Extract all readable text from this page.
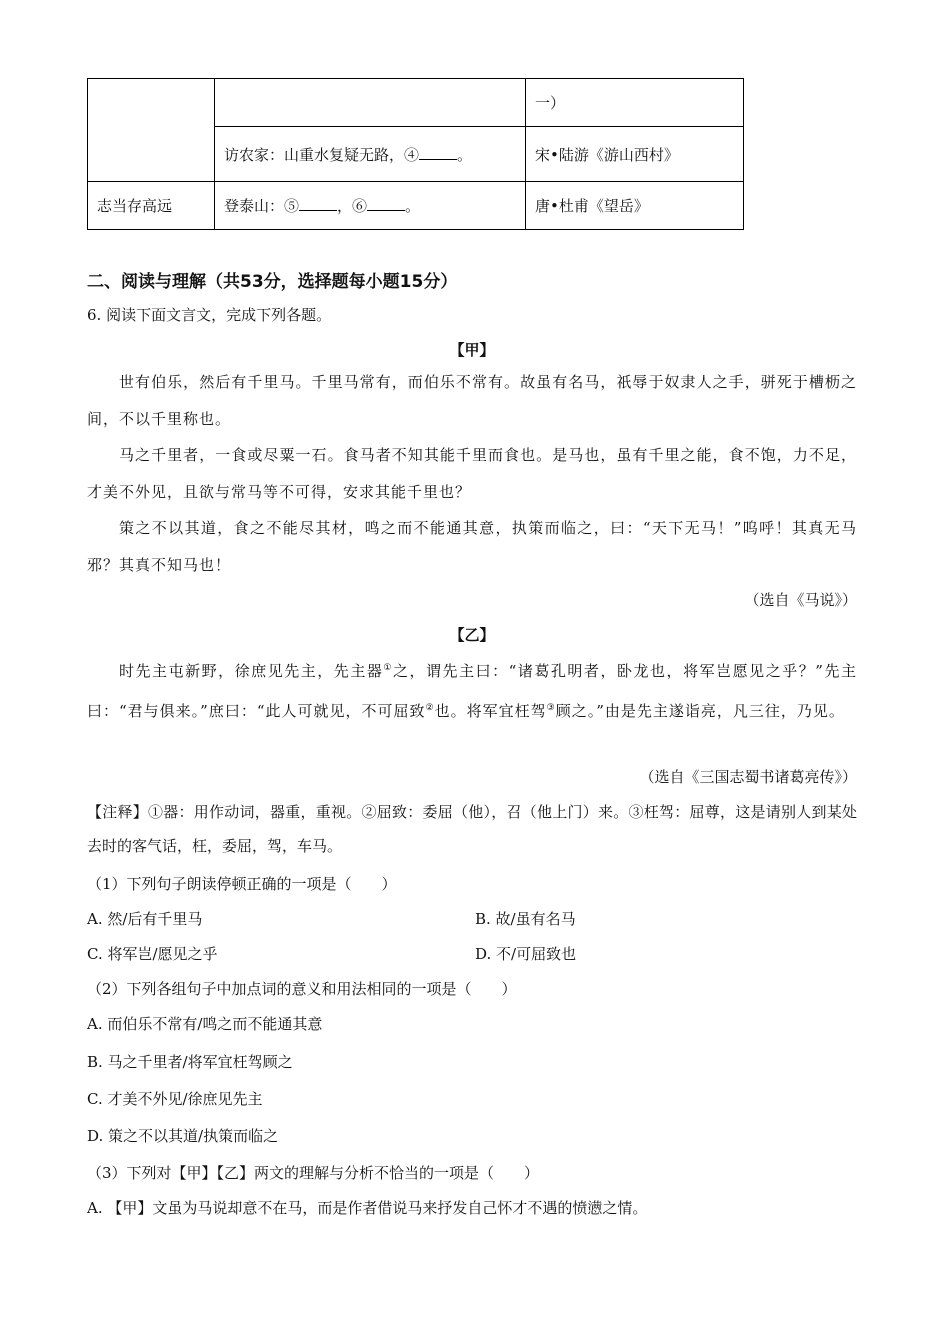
		一）
	访农家：山重水复疑无路，④ 。	宋•陆游《游山西村》
志当存高远	登泰山：⑤ ，⑥ 。	唐•杜甫《望岳》
二、阅读与理解（共53分，选择题每小题15分）

6. 阅读下面文言文，完成下列各题。

【甲】

世有伯乐，然后有千里马。千里马常有，而伯乐不常有。故虽有名马，祇辱于奴隶人之手，骈死于槽枥之间，不以千里称也。

马之千里者，一食或尽粟一石。食马者不知其能千里而食也。是马也，虽有千里之能，食不饱，力不足，才美不外见，且欲与常马等不可得，安求其能千里也？

策之不以其道，食之不能尽其材，鸣之而不能通其意，执策而临之，曰：“天下无马！”呜呼！其真无马邪？其真不知马也！

（选自《马说》）

【乙】

时先主屯新野，徐庶见先主，先主器①之，谓先主曰：“诸葛孔明者，卧龙也，将军岂愿见之乎？”先主曰：“君与俱来。”庶曰：“此人可就见，不可屈致②也。将军宜枉驾③顾之。”由是先主遂诣亮，凡三往，乃见。

（选自《三国志蜀书诸葛亮传》）

【注释】①器：用作动词，器重，重视。②屈致：委屈（他），召（他上门）来。③枉驾：屈尊，这是请别人到某处去时的客气话，枉，委屈，驾，车马。

（1）下列句子朗读停顿正确的一项是（　　）

A. 然/后有千里马	B. 故/虽有名马

C. 将军岂/愿见之乎	D. 不/可屈致也

（2）下列各组句子中加点词的意义和用法相同的一项是（　　）

A. 而伯乐不常有/鸣之而不能通其意

B. 马之千里者/将军宜枉驾顾之

C. 才美不外见/徐庶见先主

D. 策之不以其道/执策而临之

（3）下列对【甲】【乙】两文的理解与分析不恰当的一项是（　　）

A. 【甲】文虽为马说却意不在马，而是作者借说马来抒发自己怀才不遇的愤懑之情。
